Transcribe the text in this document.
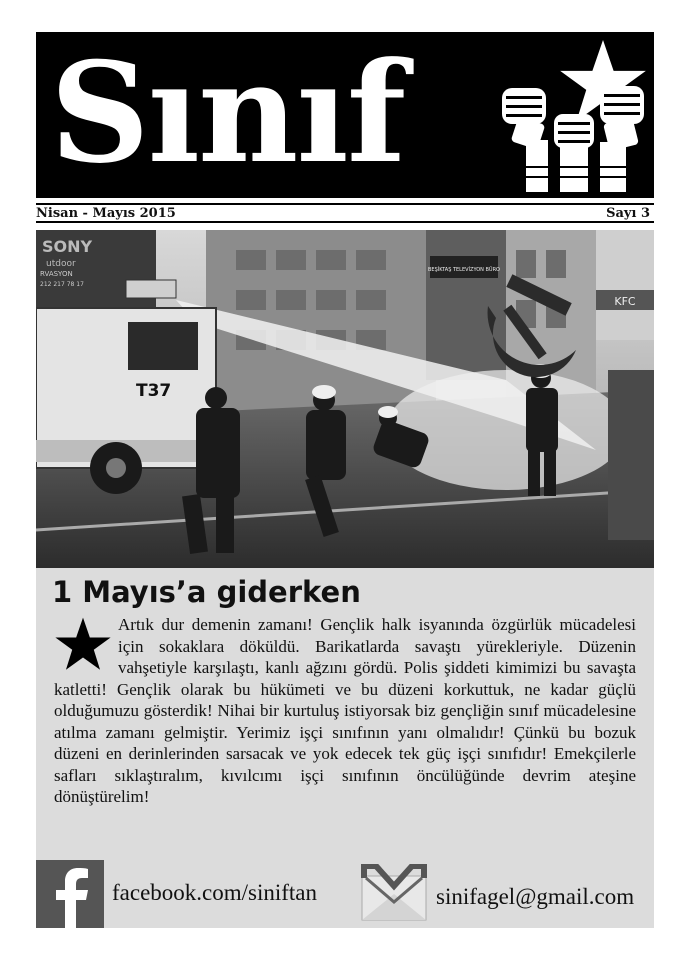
Sınıf
Nisan - Mayıs 2015	Sayı 3
BEŞİKTAŞ TELEVİZYON BÜRO
SONY
utdoor
RVASYON
212 217 78 17
KFC
T37
1 Mayıs’a giderken
Artık dur demenin zamanı! Gençlik halk isyanında özgürlük mücadelesi için sokaklara döküldü. Barikatlarda savaştı yürekleriyle. Düzenin vahşetiyle karşılaştı, kanlı ağzını gördü. Polis şiddeti kimimizi bu savaşta katletti! Gençlik olarak bu hükümeti ve bu düzeni korkuttuk, ne kadar güçlü olduğumuzu gösterdik! Nihai bir kurtuluş istiyorsak biz gençliğin sınıf mücadelesine atılma zamanı gelmiştir. Yerimiz işçi sınıfının yanı olmalıdır! Çünkü bu bozuk düzeni en derinlerinden sarsacak ve yok edecek tek güç işçi sınıfıdır! Emekçilerle safları sıklaştıralım, kıvılcımı işçi sınıfının öncülüğünde devrim ateşine dönüştürelim!
facebook.com/siniftan	sinifagel@gmail.com
